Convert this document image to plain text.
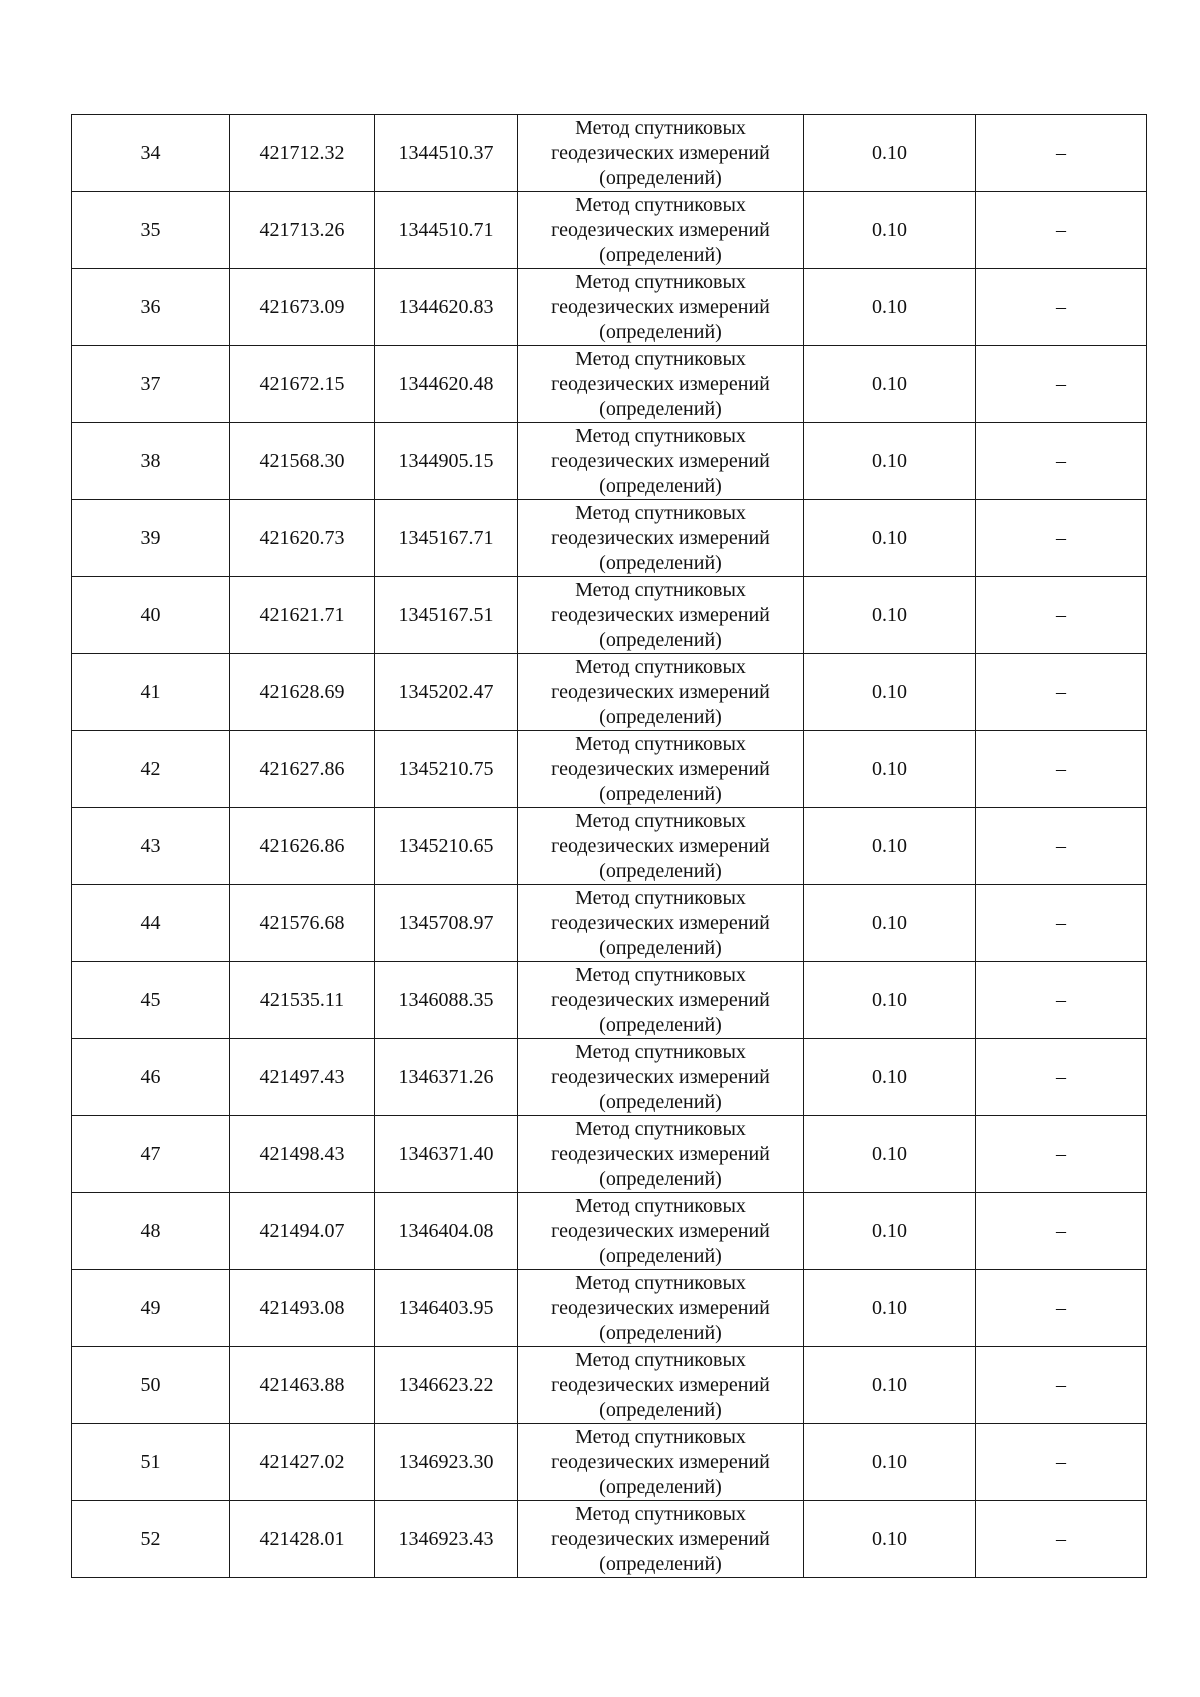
34	421712.32	1344510.37	Метод спутниковых
геодезических измерений
(определений)	0.10	–
35	421713.26	1344510.71	Метод спутниковых
геодезических измерений
(определений)	0.10	–
36	421673.09	1344620.83	Метод спутниковых
геодезических измерений
(определений)	0.10	–
37	421672.15	1344620.48	Метод спутниковых
геодезических измерений
(определений)	0.10	–
38	421568.30	1344905.15	Метод спутниковых
геодезических измерений
(определений)	0.10	–
39	421620.73	1345167.71	Метод спутниковых
геодезических измерений
(определений)	0.10	–
40	421621.71	1345167.51	Метод спутниковых
геодезических измерений
(определений)	0.10	–
41	421628.69	1345202.47	Метод спутниковых
геодезических измерений
(определений)	0.10	–
42	421627.86	1345210.75	Метод спутниковых
геодезических измерений
(определений)	0.10	–
43	421626.86	1345210.65	Метод спутниковых
геодезических измерений
(определений)	0.10	–
44	421576.68	1345708.97	Метод спутниковых
геодезических измерений
(определений)	0.10	–
45	421535.11	1346088.35	Метод спутниковых
геодезических измерений
(определений)	0.10	–
46	421497.43	1346371.26	Метод спутниковых
геодезических измерений
(определений)	0.10	–
47	421498.43	1346371.40	Метод спутниковых
геодезических измерений
(определений)	0.10	–
48	421494.07	1346404.08	Метод спутниковых
геодезических измерений
(определений)	0.10	–
49	421493.08	1346403.95	Метод спутниковых
геодезических измерений
(определений)	0.10	–
50	421463.88	1346623.22	Метод спутниковых
геодезических измерений
(определений)	0.10	–
51	421427.02	1346923.30	Метод спутниковых
геодезических измерений
(определений)	0.10	–
52	421428.01	1346923.43	Метод спутниковых
геодезических измерений
(определений)	0.10	–
